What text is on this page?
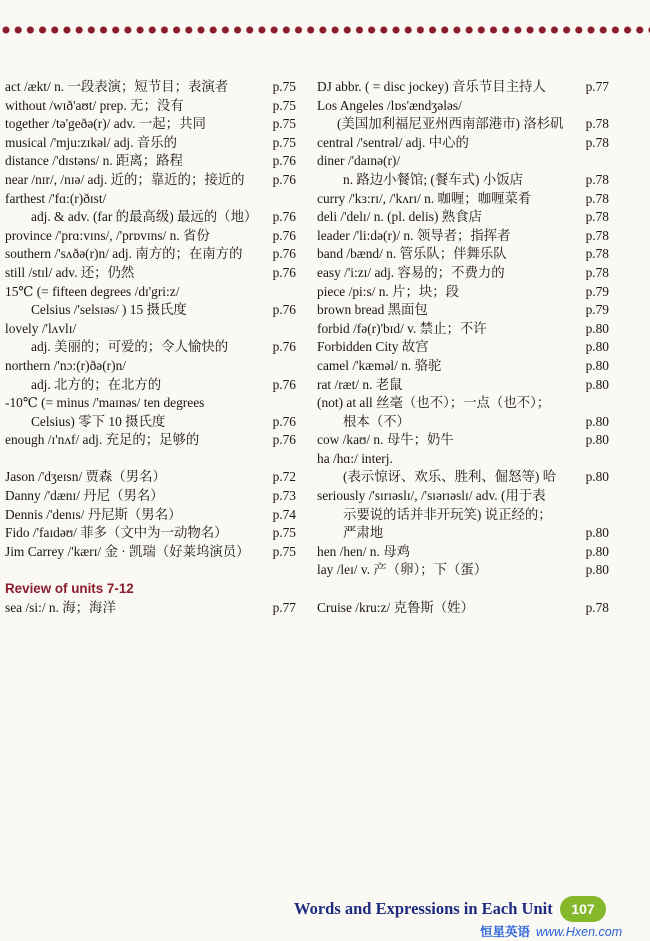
act /ækt/ n. 一段表演；短节目；表演者	p.75
without /wɪð'aʊt/ prep. 无；没有	p.75
together /tə'geðə(r)/ adv. 一起；共同	p.75
musical /'mju:zɪkəl/ adj. 音乐的	p.75
distance /'dɪstəns/ n. 距离；路程	p.76
near /nɪr/, /nɪə/ adj. 近的；靠近的；接近的 p.76
farthest /'fɑ:(r)ðɪst/
adj. & adv. (far 的最高级) 最远的（地） p.76
province /'prɑ:vɪns/, /'prɒvɪns/ n. 省份	p.76
southern /'sʌðə(r)n/ adj. 南方的；在南方的 p.76
still /stɪl/ adv. 还；仍然	p.76
15℃ (= fifteen degrees /dɪ'gri:z/
Celsius /'selsɪəs/ ) 15 摄氏度	p.76
lovely /'lʌvlɪ/
adj. 美丽的；可爱的；令人愉快的	p.76
northern /'nɔ:(r)ðə(r)n/
adj. 北方的；在北方的	p.76
-10℃ (= minus /'maɪnəs/ ten degrees
Celsius) 零下 10 摄氏度	p.76
enough /ɪ'nʌf/ adj. 充足的；足够的	p.76
Jason /'dʒeɪsn/ 贾森（男名）	p.72
Danny /'dænɪ/ 丹尼（男名）	p.73
Dennis /'denɪs/ 丹尼斯（男名）	p.74
Fido /'faɪdəʊ/ 菲多（文中为一动物名）	p.75
Jim Carrey /'kærɪ/ 金 · 凯瑞（好莱坞演员） p.75
Review of units 7-12
sea /si:/ n. 海；海洋	p.77
DJ abbr. ( = disc jockey) 音乐节目主持人	p.77
Los Angeles /lɒs'ændʒələs/
(美国加利福尼亚州西南部港市) 洛杉矶 p.78
central /'sentrəl/ adj. 中心的	p.78
diner /'daɪnə(r)/
n. 路边小餐馆; (餐车式) 小饭店	p.78
curry /'kɜ:rɪ/, /'kʌrɪ/ n. 咖喱；咖喱菜肴	p.78
deli /'delɪ/ n. (pl. delis) 熟食店	p.78
leader /'li:də(r)/ n. 领导者；指挥者	p.78
band /bænd/ n. 管乐队；伴舞乐队	p.78
easy /'i:zɪ/ adj. 容易的；不费力的	p.78
piece /pi:s/ n. 片；块；段	p.79
brown bread 黑面包	p.79
forbid /fə(r)'bɪd/ v. 禁止；不许	p.80
Forbidden City 故宫	p.80
camel /'kæməl/ n. 骆驼	p.80
rat /ræt/ n. 老鼠	p.80
(not) at all 丝毫（也不）；一点（也不）；
根本（不）	p.80
cow /kaʊ/ n. 母牛；奶牛	p.80
ha /hɑ:/ interj.
(表示惊讶、欢乐、胜利、倔怒等) 哈 p.80
seriously /'sɪrɪəslɪ/, /'sɪərɪəslɪ/ adv. (用于表
示要说的话并非开玩笑) 说正经的；
严肃地	p.80
hen /hen/ n. 母鸡	p.80
lay /leɪ/ v. 产（卵）；下（蛋）	p.80
Cruise /kru:z/ 克鲁斯（姓）	p.78
Words and Expressions in Each Unit	107
恒星英语 www.Hxen.com
